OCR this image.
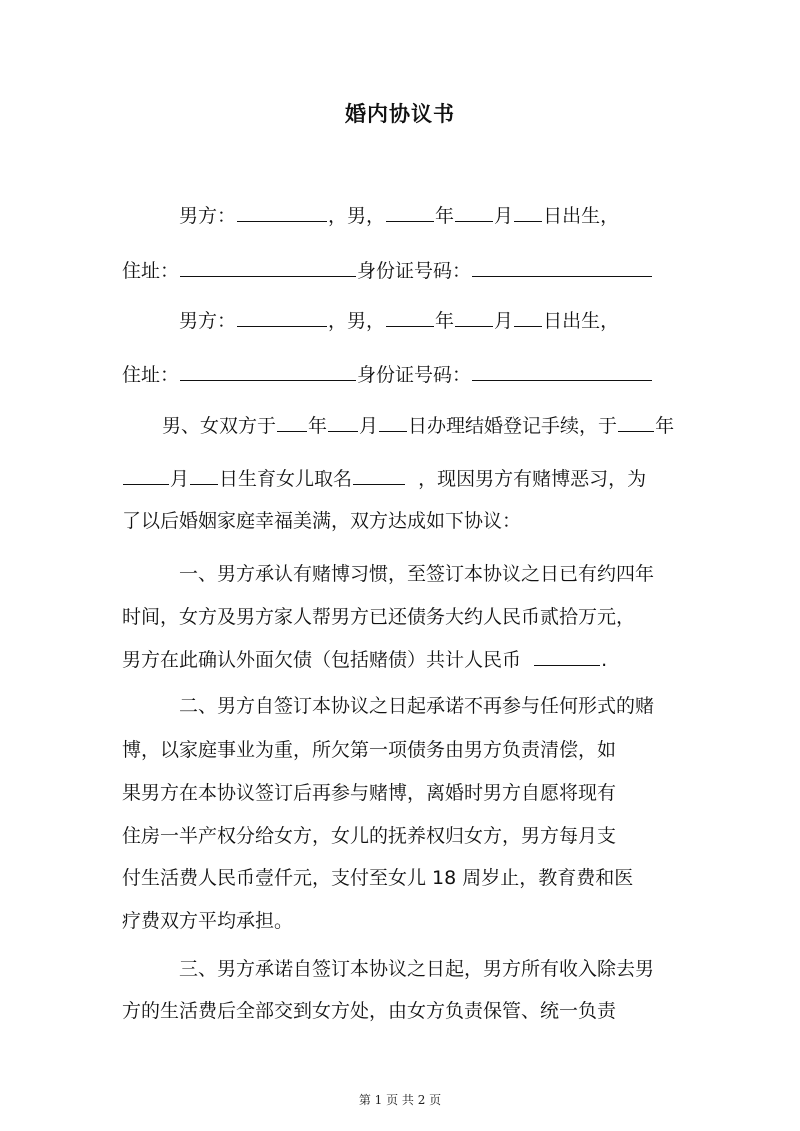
婚内协议书
男方：	，男，	年 月 日出生，
住址：	身份证号码：
男方：	，男，	年 月 日出生，
住址：	身份证号码：
男、女双方于 年 月 日办理结婚登记手续，于 年
月 日生育女儿取名	，现因男方有赌博恶习，为
了以后婚姻家庭幸福美满，双方达成如下协议：
一、男方承认有赌博习惯，至签订本协议之日已有约四年
时间，女方及男方家人帮男方已还债务大约人民币贰拾万元，
男方在此确认外面欠债（包括赌债）共计人民币	.
二、男方自签订本协议之日起承诺不再参与任何形式的赌
博，以家庭事业为重，所欠第一项债务由男方负责清偿，如
果男方在本协议签订后再参与赌博，离婚时男方自愿将现有
住房一半产权分给女方，女儿的抚养权归女方，男方每月支
付生活费人民币壹仟元，支付至女儿 18 周岁止，教育费和医
疗费双方平均承担。
三、男方承诺自签订本协议之日起，男方所有收入除去男
方的生活费后全部交到女方处，由女方负责保管、统一负责
第 1 页 共 2 页
